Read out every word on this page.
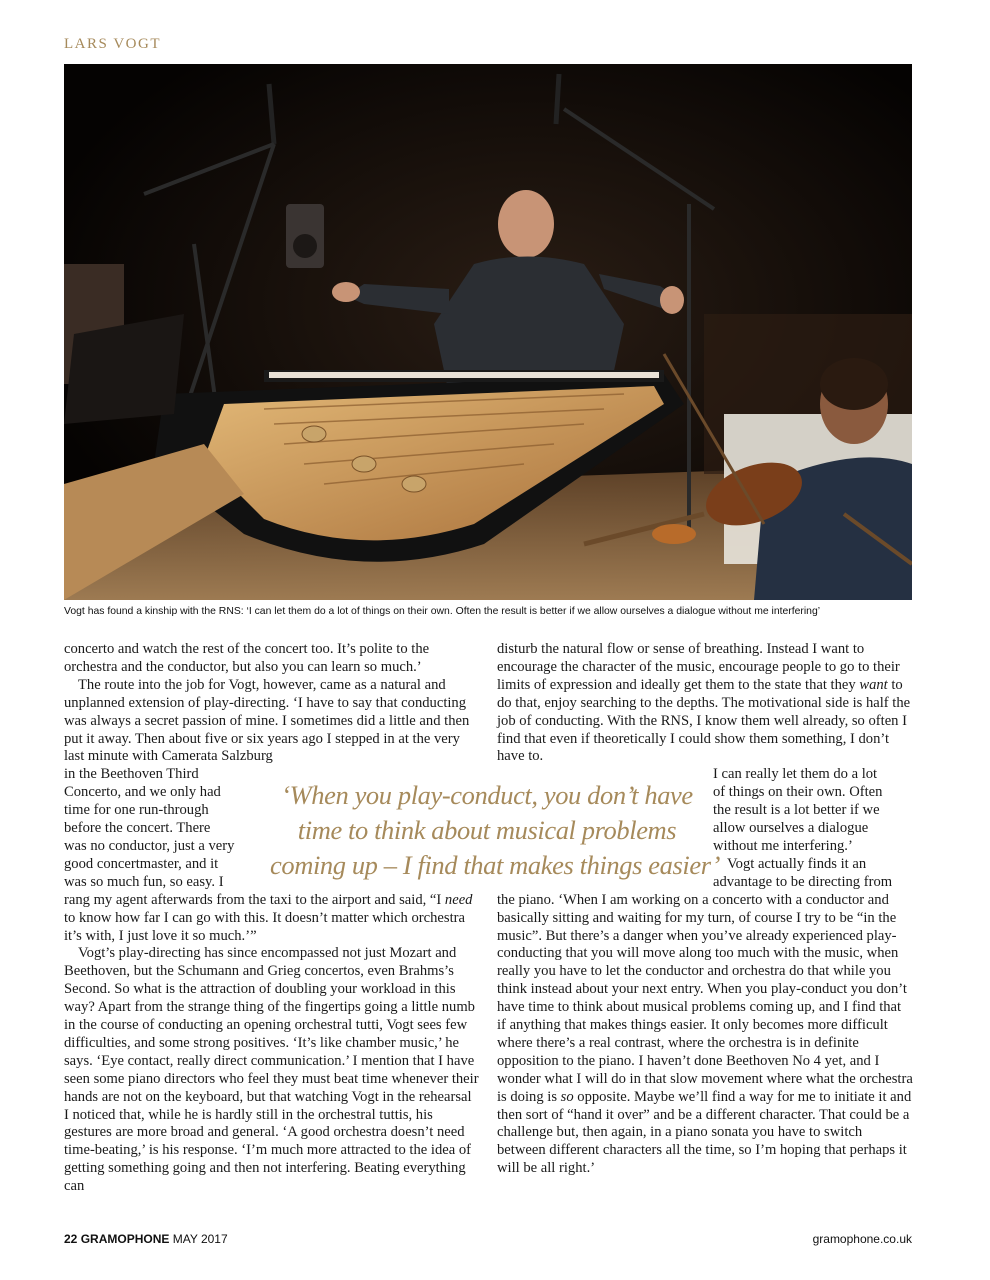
LARS VOGT
Vogt has found a kinship with the RNS: ‘I can let them do a lot of things on their own. Often the result is better if we allow ourselves a dialogue without me interfering’

concerto and watch the rest of the concert too. It’s polite to the orchestra and the conductor, but also you can learn so much.’

The route into the job for Vogt, however, came as a natural and unplanned extension of play-directing. ‘I have to say that conducting was always a secret passion of mine. I sometimes did a little and then put it away. Then about five or six years ago I stepped in at the very last minute with Camerata Salzburg
in the Beethoven Third
Concerto, and we only had
time for one run-through
before the concert. There
was no conductor, just a very
good concertmaster, and it
was so much fun, so easy. I
rang my agent afterwards from the taxi to the airport and said, “I need to know how far I can go with this. It doesn’t matter which orchestra it’s with, I just love it so much.’”

Vogt’s play-directing has since encompassed not just Mozart and Beethoven, but the Schumann and Grieg concertos, even Brahms’s Second. So what is the attraction of doubling your workload in this way? Apart from the strange thing of the fingertips going a little numb in the course of conducting an opening orchestral tutti, Vogt sees few difficulties, and some strong positives. ‘It’s like chamber music,’ he says. ‘Eye contact, really direct communication.’ I mention that I have seen some piano directors who feel they must beat time whenever their hands are not on the keyboard, but that watching Vogt in the rehearsal I noticed that, while he is hardly still in the orchestral tuttis, his gestures are more broad and general. ‘A good orchestra doesn’t need time-beating,’ is his response. ‘I’m much more attracted to the idea of getting something going and then not interfering. Beating everything can

disturb the natural flow or sense of breathing. Instead I want to encourage the character of the music, encourage people to go to their limits of expression and ideally get them to the state that they want to do that, enjoy searching to the depths. The motivational side is half the job of conducting. With the RNS, I know them well already, so often I find that even if theoretically I could show them something, I don’t have to.
I can really let them do a lot
of things on their own. Often
the result is a lot better if we
allow ourselves a dialogue
without me interfering.’

Vogt actually finds it an
advantage to be directing from
the piano. ‘When I am working on a concerto with a conductor and basically sitting and waiting for my turn, of course I try to be “in the music”. But there’s a danger when you’ve already experienced play-conducting that you will move along too much with the music, when really you have to let the conductor and orchestra do that while you think instead about your next entry. When you play-conduct you don’t have time to think about musical problems coming up, and I find that if anything that makes things easier. It only becomes more difficult where there’s a real contrast, where the orchestra is in definite opposition to the piano. I haven’t done Beethoven No 4 yet, and I wonder what I will do in that slow movement where what the orchestra is doing is so opposite. Maybe we’ll find a way for me to initiate it and then sort of “hand it over” and be a different character. That could be a challenge but, then again, in a piano sonata you have to switch between different characters all the time, so I’m hoping that perhaps it will be all right.’

‘When you play-conduct, you don’t have
time to think about musical problems
coming up – I find that makes things easier’
22 GRAMOPHONE MAY 2017	gramophone.co.uk
